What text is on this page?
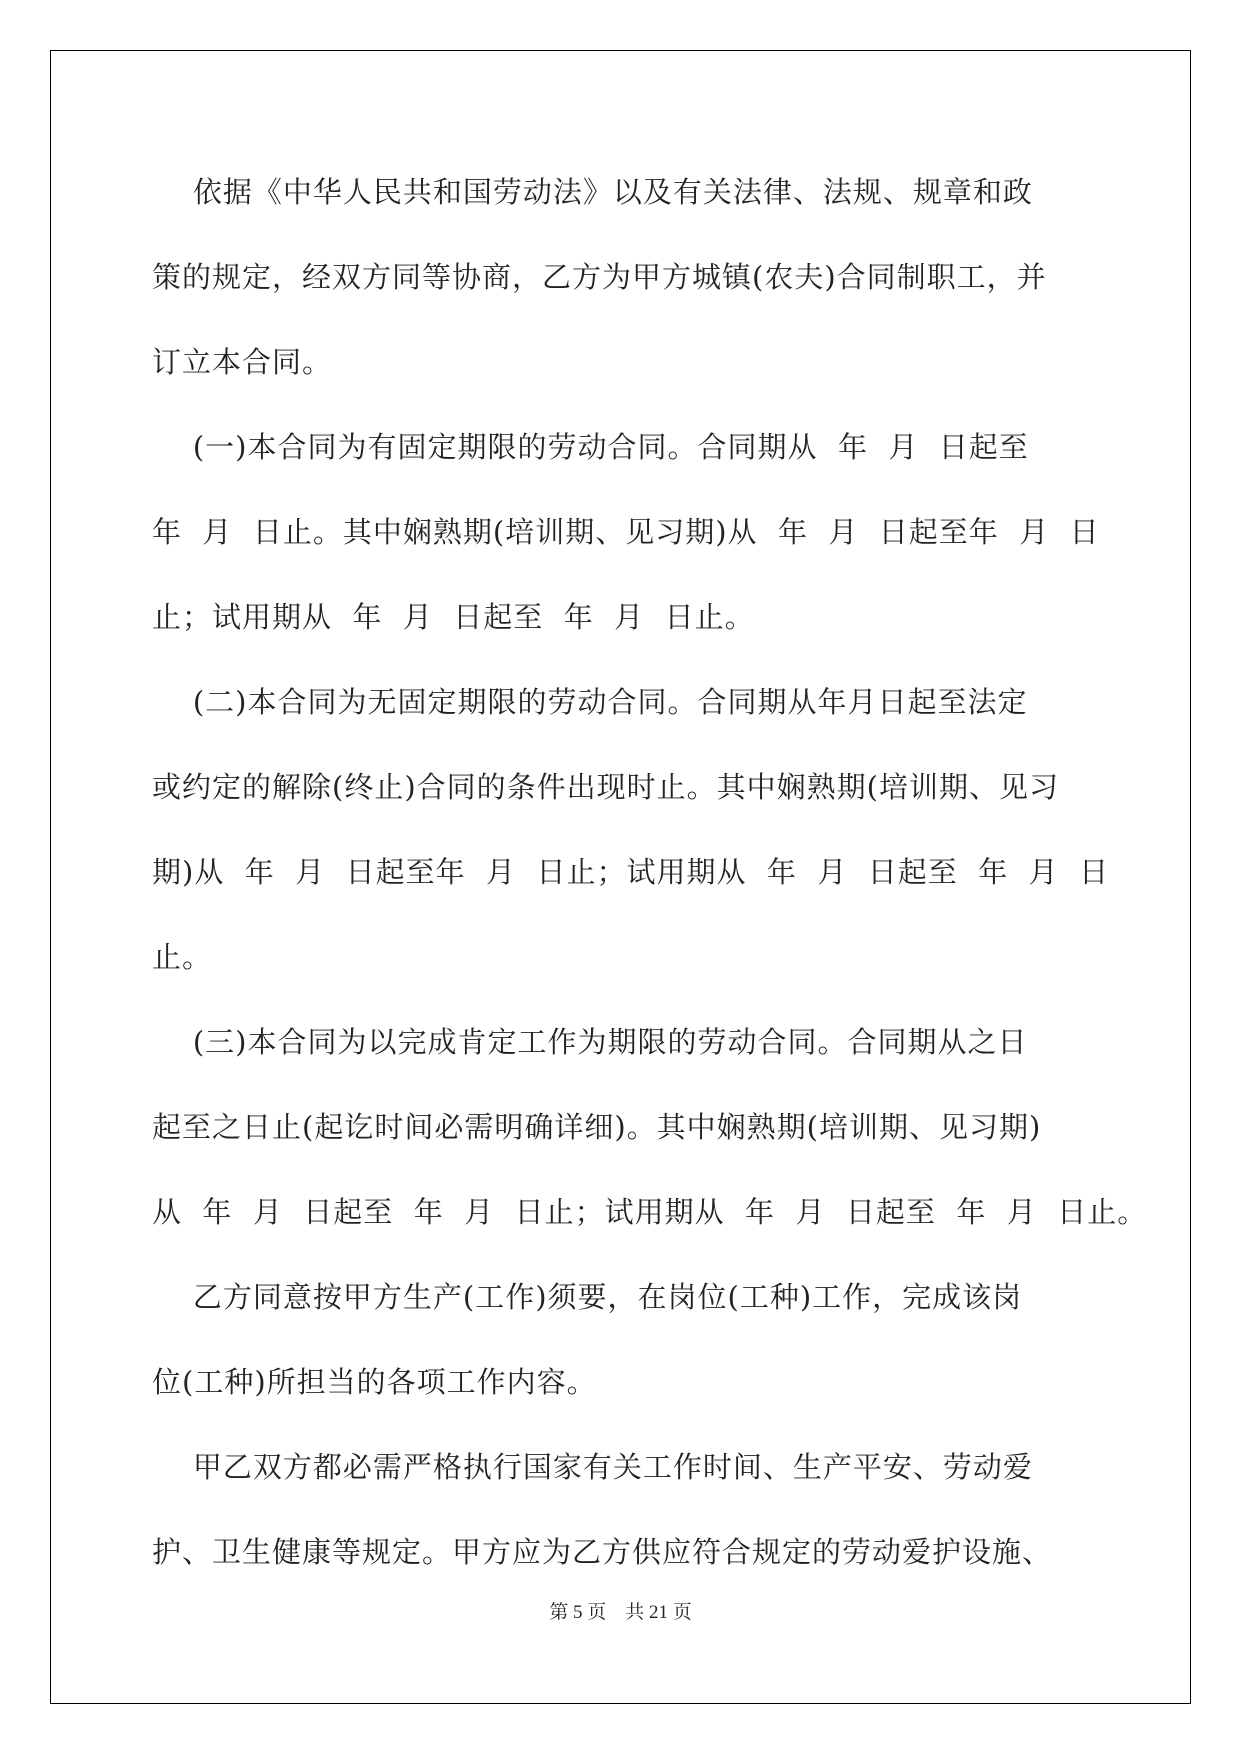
依据《中华人民共和国劳动法》以及有关法律、法规、规章和政
策的规定，经双方同等协商，乙方为甲方城镇(农夫)合同制职工，并
订立本合同。
(一)本合同为有固定期限的劳动合同。合同期从  年  月  日起至
年  月  日止。其中娴熟期(培训期、见习期)从  年  月  日起至年  月  日
止；试用期从  年  月  日起至  年  月  日止。
(二)本合同为无固定期限的劳动合同。合同期从年月日起至法定
或约定的解除(终止)合同的条件出现时止。其中娴熟期(培训期、见习
期)从  年  月  日起至年  月  日止；试用期从  年  月  日起至  年  月  日
止。
(三)本合同为以完成肯定工作为期限的劳动合同。合同期从之日
起至之日止(起讫时间必需明确详细)。其中娴熟期(培训期、见习期)
从  年  月  日起至  年  月  日止；试用期从  年  月  日起至  年  月  日止。
乙方同意按甲方生产(工作)须要，在岗位(工种)工作，完成该岗
位(工种)所担当的各项工作内容。
甲乙双方都必需严格执行国家有关工作时间、生产平安、劳动爱
护、卫生健康等规定。甲方应为乙方供应符合规定的劳动爱护设施、
第 5 页    共 21 页
